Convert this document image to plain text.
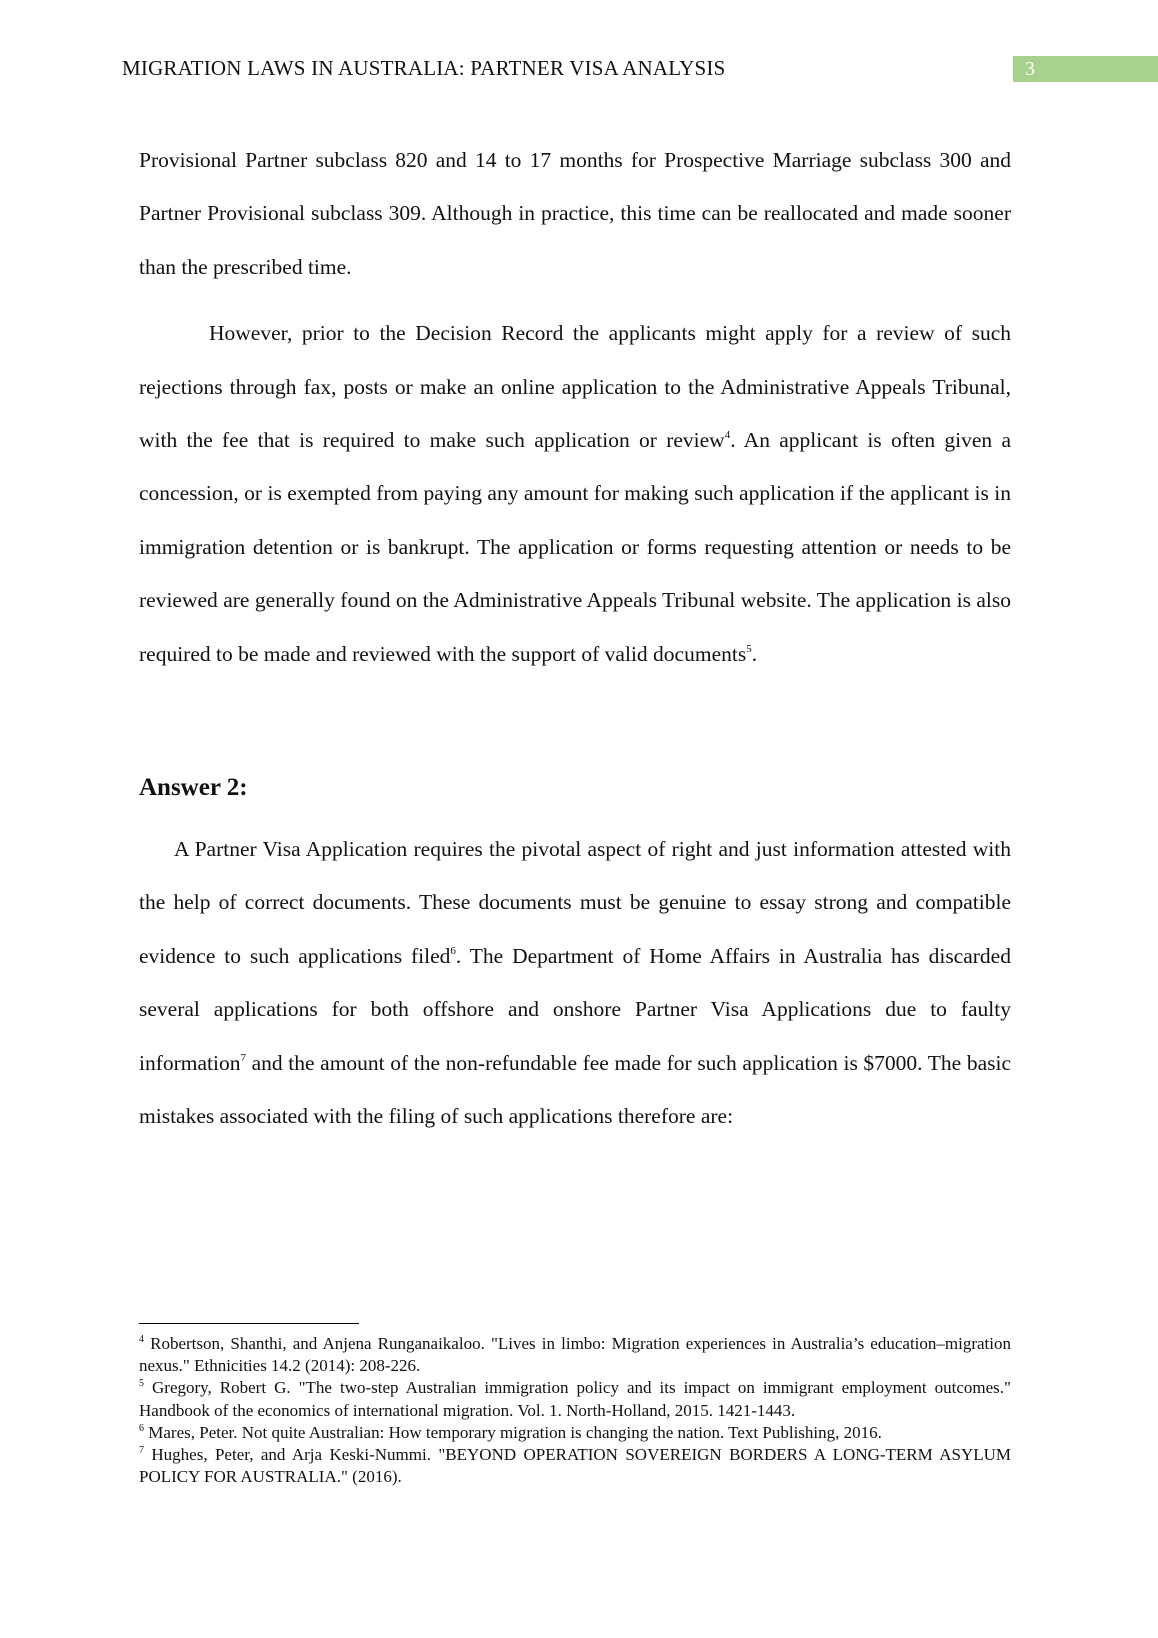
MIGRATION LAWS IN AUSTRALIA: PARTNER VISA ANALYSIS	3

Provisional Partner subclass 820 and 14 to 17 months for Prospective Marriage subclass 300 and Partner Provisional subclass 309. Although in practice, this time can be reallocated and made sooner than the prescribed time.

However, prior to the Decision Record the applicants might apply for a review of such rejections through fax, posts or make an online application to the Administrative Appeals Tribunal, with the fee that is required to make such application or review$^4$. An applicant is often given a concession, or is exempted from paying any amount for making such application if the applicant is in immigration detention or is bankrupt. The application or forms requesting attention or needs to be reviewed are generally found on the Administrative Appeals Tribunal website. The application is also required to be made and reviewed with the support of valid documents$^5$.

Answer 2:

A Partner Visa Application requires the pivotal aspect of right and just information attested with the help of correct documents. These documents must be genuine to essay strong and compatible evidence to such applications filed$^6$. The Department of Home Affairs in Australia has discarded several applications for both offshore and onshore Partner Visa Applications due to faulty information$^7$ and the amount of the non-refundable fee made for such application is $7000. The basic mistakes associated with the filing of such applications therefore are:

$^4$ Robertson, Shanthi, and Anjena Runganaikaloo. "Lives in limbo: Migration experiences in Australia’s education–migration nexus." Ethnicities 14.2 (2014): 208-226.

$^5$ Gregory, Robert G. "The two-step Australian immigration policy and its impact on immigrant employment outcomes." Handbook of the economics of international migration. Vol. 1. North-Holland, 2015. 1421-1443.

$^6$ Mares, Peter. Not quite Australian: How temporary migration is changing the nation. Text Publishing, 2016.

$^7$ Hughes, Peter, and Arja Keski-Nummi. "BEYOND OPERATION SOVEREIGN BORDERS A LONG-TERM ASYLUM POLICY FOR AUSTRALIA." (2016).
